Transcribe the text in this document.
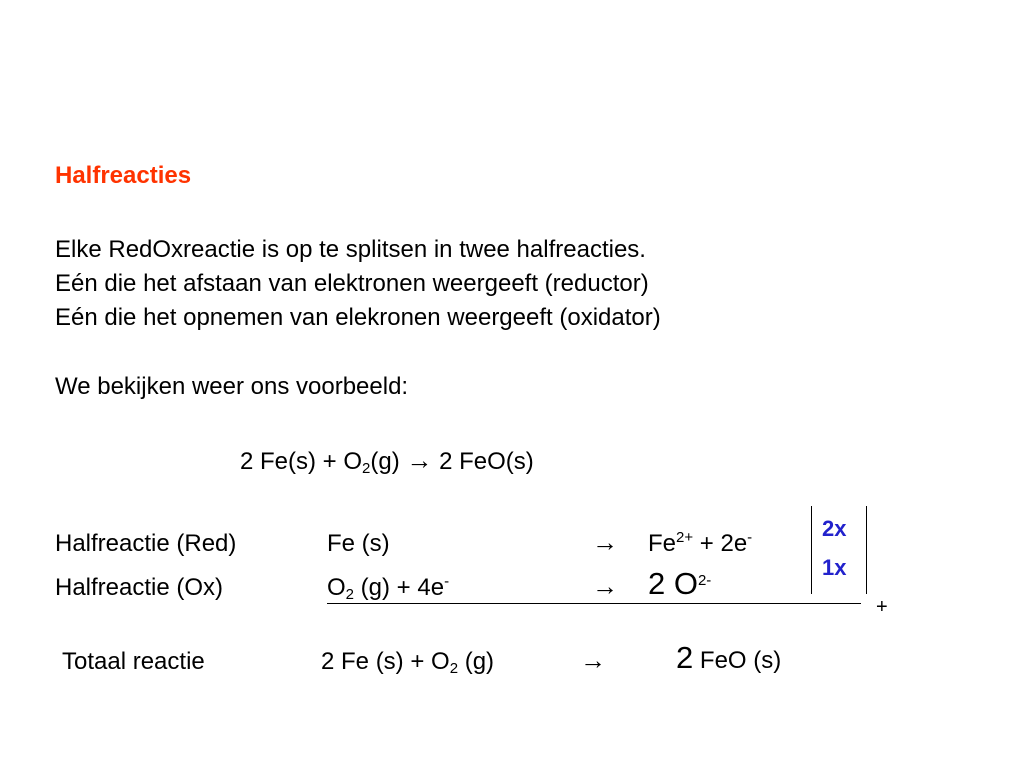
Halfreacties
Elke RedOxreactie is op te splitsen in twee halfreacties.
Eén die het afstaan van elektronen weergeeft (reductor)
Eén die het opnemen van elekronen weergeeft (oxidator)
We bekijken weer ons voorbeeld:
2 $Fe(s) + O_2(g) \to 2$ FeO(s)
Halfreactie (Red)	Fe (s)	→ $Fe^{2+} + 2e^-$
Halfreactie (Ox)	$O_2$ (g) + 4e-	→ 2 $O^{2-}$
2x
1x
+
Totaal reactie	2 Fe $(s) + O_2$ (g)	→ 2 FeO (s)
